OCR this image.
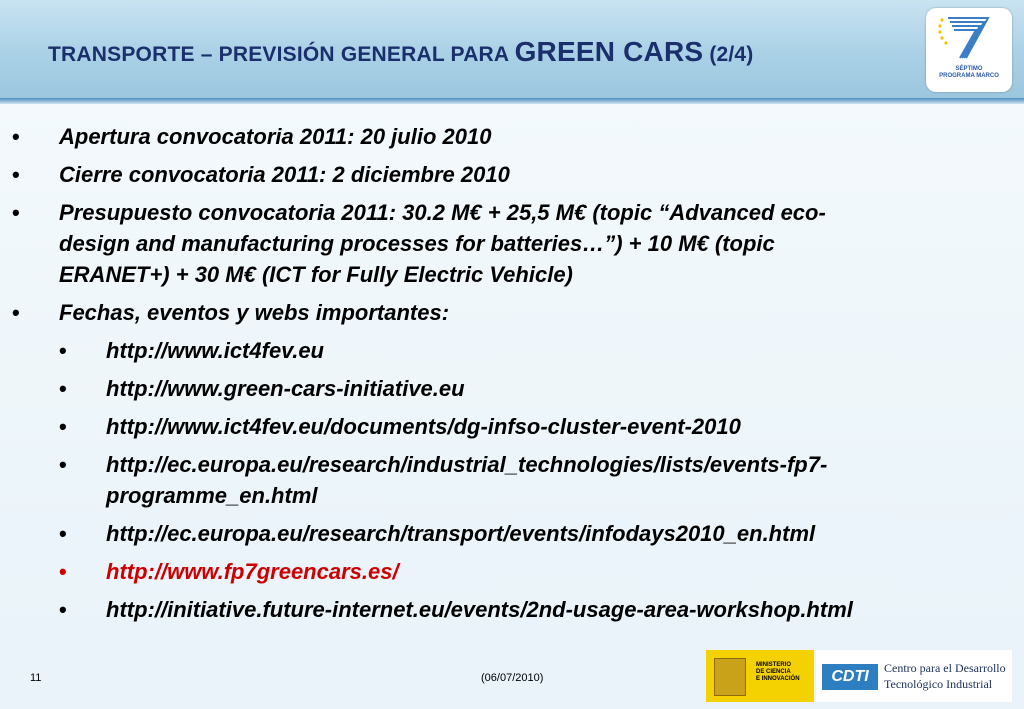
TRANSPORTE – PREVISIÓN GENERAL PARA GREEN CARS (2/4)
SÉPTIMO
PROGRAMA MARCO
• Apertura convocatoria 2011: 20 julio 2010
• Cierre convocatoria 2011: 2 diciembre 2010
• Presupuesto convocatoria 2011: 30.2 M€ + 25,5 M€ (topic “Advanced eco-
design and manufacturing processes for batteries…”) + 10 M€ (topic
ERANET+) + 30 M€ (ICT for Fully Electric Vehicle)
• Fechas, eventos y webs importantes:
• http://www.ict4fev.eu
• http://www.green-cars-initiative.eu
• http://www.ict4fev.eu/documents/dg-infso-cluster-event-2010
• http://ec.europa.eu/research/industrial_technologies/lists/events-fp7-
programme_en.html
• http://ec.europa.eu/research/transport/events/infodays2010_en.html
• http://www.fp7greencars.es/
• http://initiative.future-internet.eu/events/2nd-usage-area-workshop.html
11	(06/07/2010)
MINISTERIO
DE CIENCIA
E INNOVACIÓN	CDTI	Centro para el Desarrollo
Tecnológico Industrial
